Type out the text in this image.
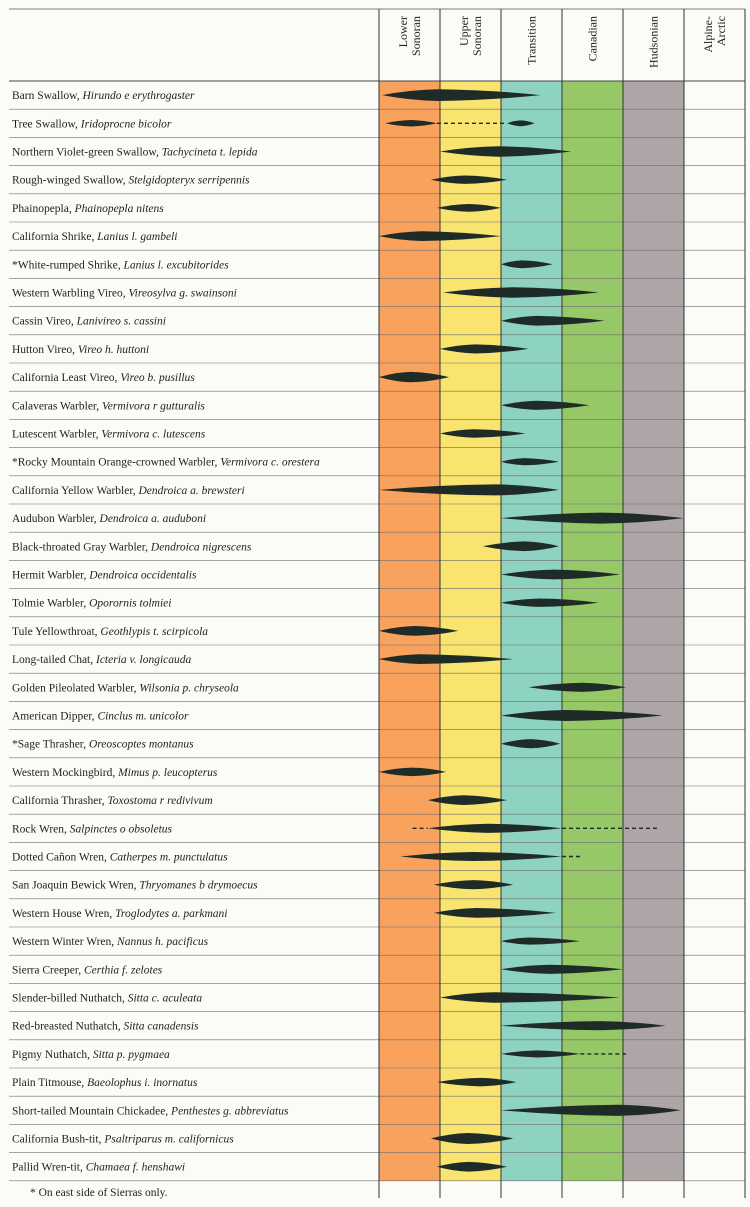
Lower Sonoran	Upper Sonoran	Transition	Canadian	Hudsonian	Alpine- Arctic
Barn Swallow, Hirundo e erythrogaster
Tree Swallow, Iridoprocne bicolor
Northern Violet-green Swallow, Tachycineta t. lepida
Rough-winged Swallow, Stelgidopteryx serripennis
Phainopepla, Phainopepla nitens
California Shrike, Lanius l. gambeli
*White-rumped Shrike, Lanius l. excubitorides
Western Warbling Vireo, Vireosylva g. swainsoni
Cassin Vireo, Lanivireo s. cassini
Hutton Vireo, Vireo h. huttoni
California Least Vireo, Vireo b. pusillus
Calaveras Warbler, Vermivora r gutturalis
Lutescent Warbler, Vermivora c. lutescens
*Rocky Mountain Orange-crowned Warbler, Vermivora c. orestera
California Yellow Warbler, Dendroica a. brewsteri
Audubon Warbler, Dendroica a. auduboni
Black-throated Gray Warbler, Dendroica nigrescens
Hermit Warbler, Dendroica occidentalis
Tolmie Warbler, Oporornis tolmiei
Tule Yellowthroat, Geothlypis t. scirpicola
Long-tailed Chat, Icteria v. longicauda
Golden Pileolated Warbler, Wilsonia p. chryseola
American Dipper, Cinclus m. unicolor
*Sage Thrasher, Oreoscoptes montanus
Western Mockingbird, Mimus p. leucopterus
California Thrasher, Toxostoma r redivivum
Rock Wren, Salpinctes o obsoletus
Dotted Cañon Wren, Catherpes m. punctulatus
San Joaquin Bewick Wren, Thryomanes b drymoecus
Western House Wren, Troglodytes a. parkmani
Western Winter Wren, Nannus h. pacificus
Sierra Creeper, Certhia f. zelotes
Slender-billed Nuthatch, Sitta c. aculeata
Red-breasted Nuthatch, Sitta canadensis
Pigmy Nuthatch, Sitta p. pygmaea
Plain Titmouse, Baeolophus i. inornatus
Short-tailed Mountain Chickadee, Penthestes g. abbreviatus
California Bush-tit, Psaltriparus m. californicus
Pallid Wren-tit, Chamaea f. henshawi
* On east side of Sierras only.
